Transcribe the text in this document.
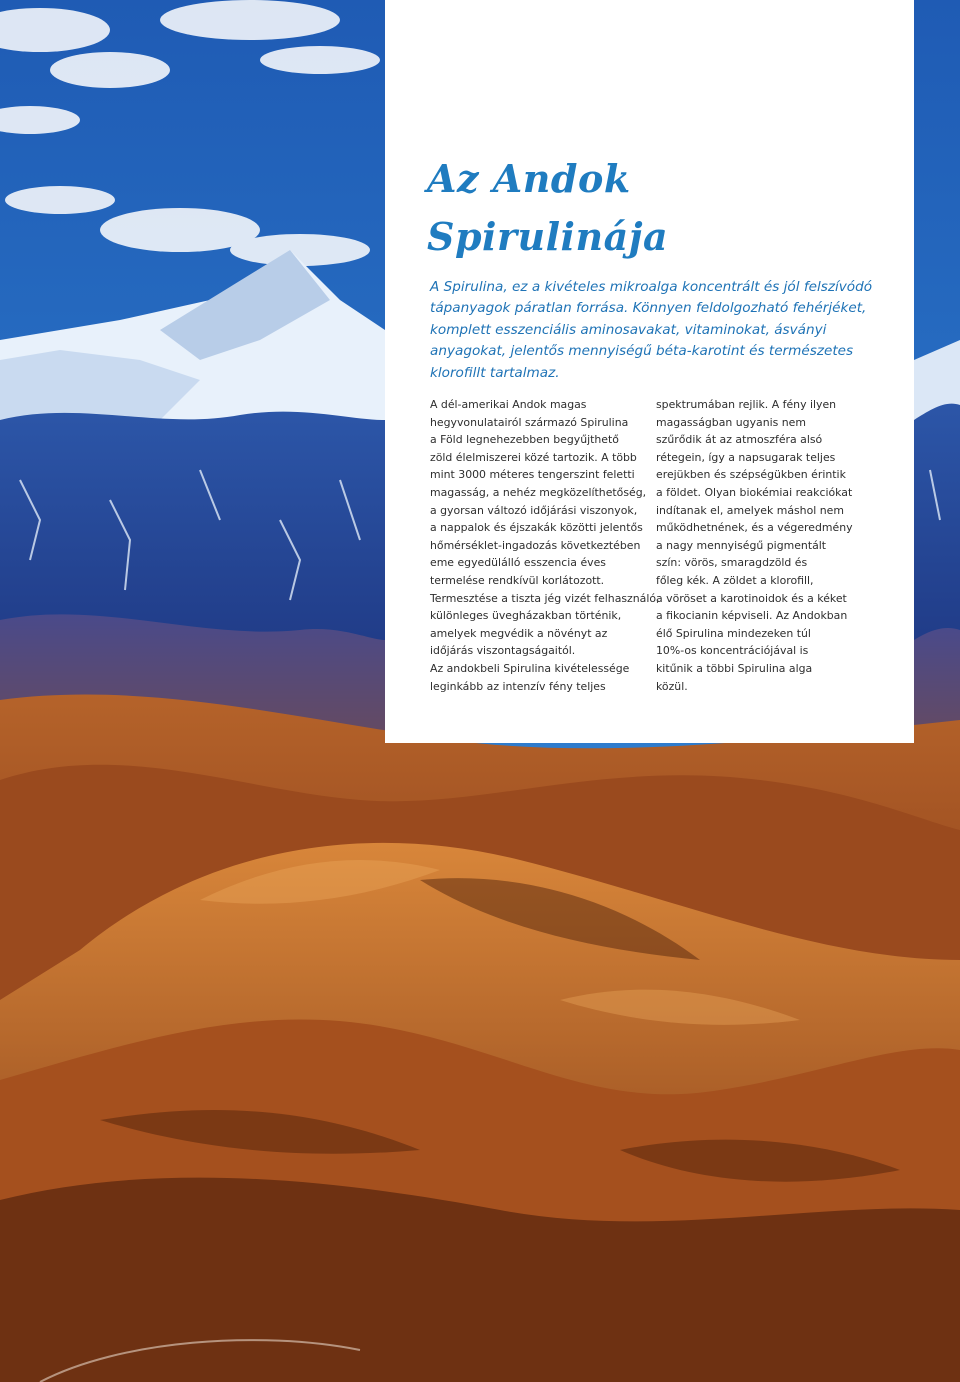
Az Andok
Spirulinája

A Spirulina, ez a kivételes mikroalga koncentrált és jól felszívódó tápanyagok páratlan forrása. Könnyen feldolgozható fehérjéket, komplett esszenciális aminosavakat, vitaminokat, ásványi anyagokat, jelentős mennyiségű béta-karotint és természetes klorofillt tartalmaz.

A dél-amerikai Andok magas
hegyvonulatairól származó Spirulina
a Föld legnehezebben begyűjthető
zöld élelmiszerei közé tartozik. A több
mint 3000 méteres tengerszint feletti
magasság, a nehéz megközelíthetőség,
a gyorsan változó időjárási viszonyok,
a nappalok és éjszakák közötti jelentős
hőmérséklet-ingadozás következtében
eme egyedülálló esszencia éves
termelése rendkívül korlátozott.
Termesztése a tiszta jég vizét felhasználó,
különleges üvegházakban történik,
amelyek megvédik a növényt az
időjárás viszontagságaitól.
Az andokbeli Spirulina kivételessége
leginkább az intenzív fény teljes

spektrumában rejlik. A fény ilyen
magasságban ugyanis nem
szűrődik át az atmoszféra alsó
rétegein, így a napsugarak teljes
erejükben és szépségükben érintik
a földet. Olyan biokémiai reakciókat
indítanak el, amelyek máshol nem
működhetnének, és a végeredmény
a nagy mennyiségű pigmentált
szín: vörös, smaragdzöld és
főleg kék. A zöldet a klorofill,
a vöröset a karotinoidok és a kéket
a fikocianin képviseli. Az Andokban
élő Spirulina mindezeken túl
10%-os koncentrációjával is
kitűnik a többi Spirulina alga
közül.
